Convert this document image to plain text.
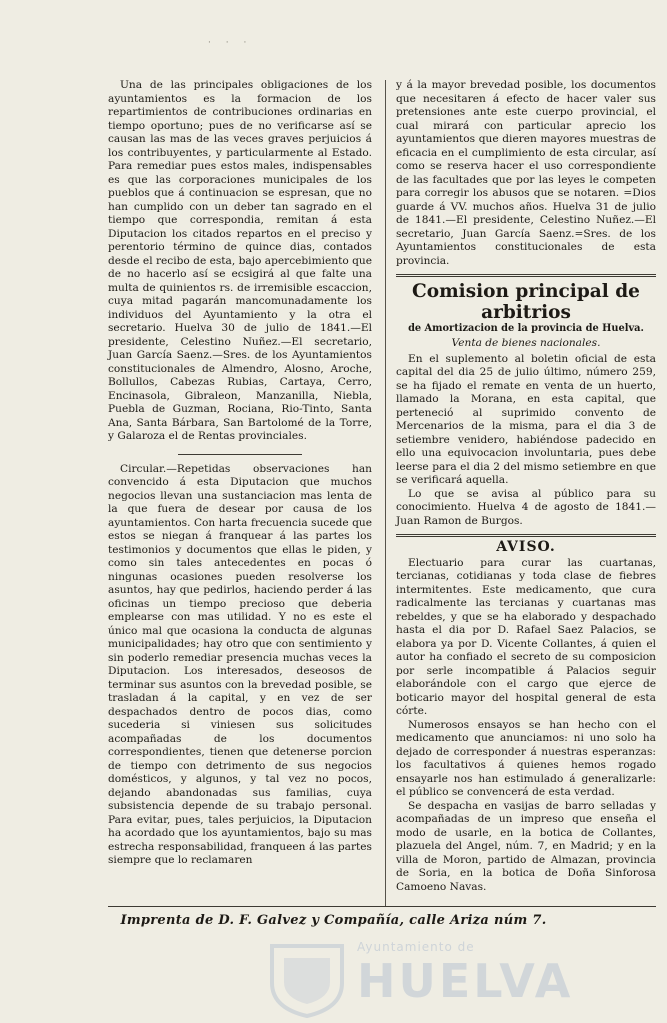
· · ·

Una de las principales obligaciones de los ayuntamientos es la formacion de los repartimientos de contribuciones ordinarias en tiempo oportuno; pues de no verificarse así se causan las mas de las veces graves perjuicios á los contribuyentes, y particularmente al Estado. Para remediar pues estos males, indispensables es que las corporaciones municipales de los pueblos que á continuacion se espresan, que no han cumplido con un deber tan sagrado en el tiempo que correspondia, remitan á esta Diputacion los citados repartos en el preciso y perentorio término de quince dias, contados desde el recibo de esta, bajo apercebimiento que de no hacerlo así se ecsigirá al que falte una multa de quinientos rs. de irremisible escaccion, cuya mitad pagarán mancomunadamente los individuos del Ayuntamiento y la otra el secretario. Huelva 30 de julio de 1841.—El presidente, Celestino Nuñez.—El secretario, Juan García Saenz.—Sres. de los Ayuntamientos constitucionales de Almendro, Alosno, Aroche, Bollullos, Cabezas Rubias, Cartaya, Cerro, Encinasola, Gibraleon, Manzanilla, Niebla, Puebla de Guzman, Rociana, Rio-Tinto, Santa Ana, Santa Bárbara, San Bartolomé de la Torre, y Galaroza el de Rentas provinciales.

Circular.—Repetidas observaciones han convencido á esta Diputacion que muchos negocios llevan una sustanciacion mas lenta de la que fuera de desear por causa de los ayuntamientos. Con harta frecuencia sucede que estos se niegan á franquear á las partes los testimonios y documentos que ellas le piden, y como sin tales antecedentes en pocas ó ningunas ocasiones pueden resolverse los asuntos, hay que pedirlos, haciendo perder á las oficinas un tiempo precioso que deberia emplearse con mas utilidad. Y no es este el único mal que ocasiona la conducta de algunas municipalidades; hay otro que con sentimiento y sin poderlo remediar presencia muchas veces la Diputacion. Los interesados, deseosos de terminar sus asuntos con la brevedad posible, se trasladan á la capital, y en vez de ser despachados dentro de pocos dias, como sucederia si viniesen sus solicitudes acompañadas de los documentos correspondientes, tienen que detenerse porcion de tiempo con detrimento de sus negocios domésticos, y algunos, y tal vez no pocos, dejando abandonadas sus familias, cuya subsistencia depende de su trabajo personal. Para evitar, pues, tales perjuicios, la Diputacion ha acordado que los ayuntamientos, bajo su mas estrecha responsabilidad, franqueen á las partes siempre que lo reclamaren

y á la mayor brevedad posible, los documentos que necesitaren á efecto de hacer valer sus pretensiones ante este cuerpo provincial, el cual mirará con particular aprecio los ayuntamientos que dieren mayores muestras de eficacia en el cumplimiento de esta circular, así como se reserva hacer el uso correspondiente de las facultades que por las leyes le competen para corregir los abusos que se notaren. =Dios guarde á VV. muchos años. Huelva 31 de julio de 1841.—El presidente, Celestino Nuñez.—El secretario, Juan García Saenz.=Sres. de los Ayuntamientos constitucionales de esta provincia.

Comision principal de arbitrios
de Amortizacion de la provincia de Huelva.
Venta de bienes nacionales.

En el suplemento al boletin oficial de esta capital del dia 25 de julio último, número 259, se ha fijado el remate en venta de un huerto, llamado la Morana, en esta capital, que perteneció al suprimido convento de Mercenarios de la misma, para el dia 3 de setiembre venidero, habiéndose padecido en ello una equivocacion involuntaria, pues debe leerse para el dia 2 del mismo setiembre en que se verificará aquella.

Lo que se avisa al público para su conocimiento. Huelva 4 de agosto de 1841.—Juan Ramon de Burgos.

AVISO.

Electuario para curar las cuartanas, tercianas, cotidianas y toda clase de fiebres intermitentes. Este medicamento, que cura radicalmente las tercianas y cuartanas mas rebeldes, y que se ha elaborado y despachado hasta el dia por D. Rafael Saez Palacios, se elabora ya por D. Vicente Collantes, á quien el autor ha confiado el secreto de su composicion por serle incompatible á Palacios seguir elaborándole con el cargo que ejerce de boticario mayor del hospital general de esta córte.

Numerosos ensayos se han hecho con el medicamento que anunciamos: ni uno solo ha dejado de corresponder á nuestras esperanzas: los facultativos á quienes hemos rogado ensayarle nos han estimulado á generalizarle: el público se convencerá de esta verdad.

Se despacha en vasijas de barro selladas y acompañadas de un impreso que enseña el modo de usarle, en la botica de Collantes, plazuela del Angel, núm. 7, en Madrid; y en la villa de Moron, partido de Almazan, provincia de Soria, en la botica de Doña Sinforosa Camoeno Navas.

Imprenta de D. F. Galvez y Compañía, calle Ariza núm 7.
Ayuntamiento de
HUELVA
